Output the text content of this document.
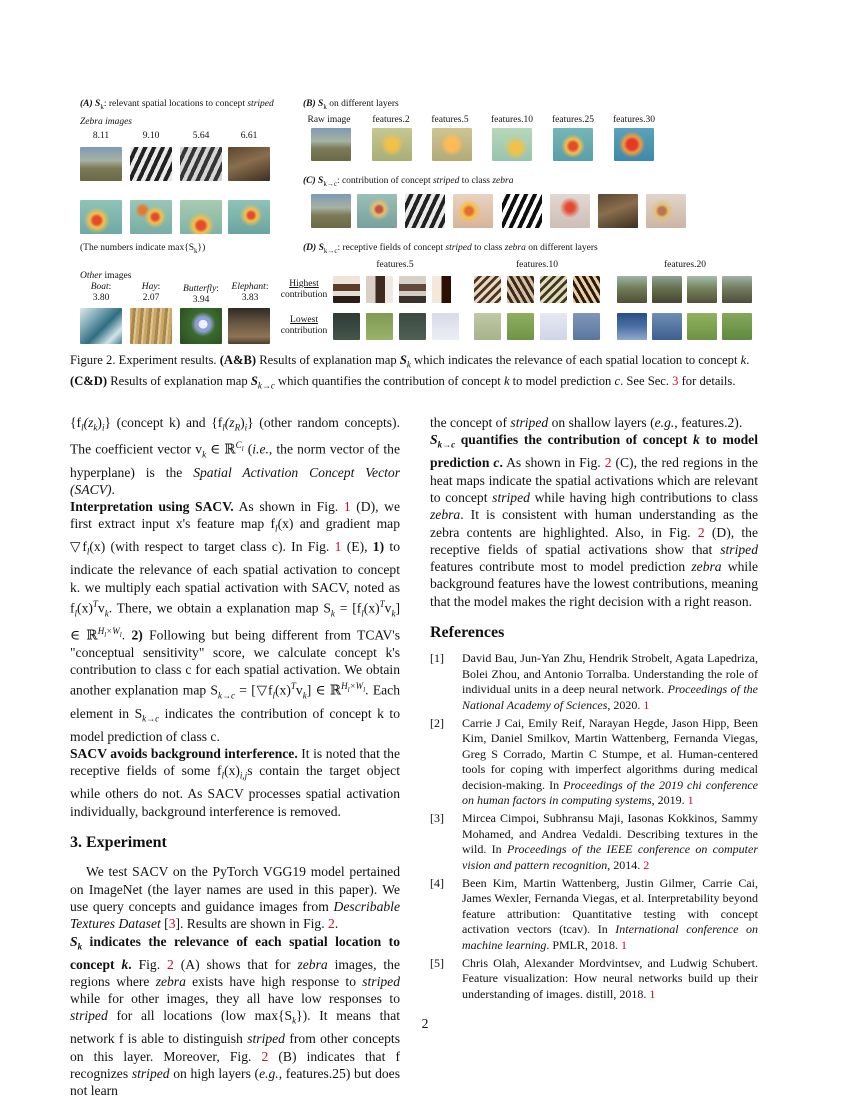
(A) $S_k$: relevant spatial locations to concept striped
Zebra images
8.11	9.10	5.64	6.61
(The numbers indicate $\max\{S_k\}$)
Other images
Boat:
3.80
Hay:
2.07
Butterfly:
3.94
Elephant:
3.83
(B) $S_k$ on different layers
Raw image	features.2	features.5	features.10	features.25	features.30
(C) $S_{k\to c}$: contribution of concept striped to class zebra
(D) $S_{k\to c}$: receptive fields of concept striped to class zebra on different layers
features.5	features.10	features.20
Highest
contribution
Lowest
contribution
Figure 2. Experiment results. (A&B) Results of explanation map $S_k$ which indicates the relevance of each spatial location to concept k. (C&D) Results of explanation map $S_{k\to c}$ which quantifies the contribution of concept k to model prediction c. See Sec. 3 for details.

$\{f_l(z_k)_i\}$ (concept k) and $\{f_l(z_R)_i\}$ (other random concepts). The coefficient vector $v_k$ ∈ ℝ$^{C_l}$ (i.e., the norm vector of the hyperplane) is the Spatial Activation Concept Vector (SACV).

Interpretation using SACV. As shown in Fig. 1 (D), we first extract input x's feature map $f_l(x)$ and gradient map $▽f_l(x)$ (with respect to target class c). In Fig. 1 (E), 1) to indicate the relevance of each spatial activation to concept k. we multiply each spatial activation with SACV, noted as $f_l(x)^Tv_k$. There, we obtain a explanation map $S_k = [f_l(x)^Tv_k]$ ∈ ℝ$^{H_l\times W_l}$. 2) Following but being different from TCAV's "conceptual sensitivity" score, we calculate concept k's contribution to class c for each spatial activation. We obtain another explanation map $S_{k\to c}$ = $[▽f_l(x)^Tv_k]$ ∈ ℝ$^{H_l\times W_l}$. Each element in $S_{k\to c}$ indicates the contribution of concept k to model prediction of class c.

SACV avoids background interference. It is noted that the receptive fields of some $f_l(x)_{i,j}s$ contain the target object while others do not. As SACV processes spatial activation individually, background interference is removed.

3. Experiment

We test SACV on the PyTorch VGG19 model pertained on ImageNet (the layer names are used in this paper). We use query concepts and guidance images from Describable Textures Dataset [3]. Results are shown in Fig. 2.

$S_k$ indicates the relevance of each spatial location to concept k. Fig. 2 (A) shows that for zebra images, the regions where zebra exists have high response to striped while for other images, they all have low responses to striped for all locations (low $\max\{S_k\}$). It means that network f is able to distinguish striped from other concepts on this layer. Moreover, Fig. 2 (B) indicates that f recognizes striped on high layers (e.g., features.25) but does not learn

the concept of striped on shallow layers (e.g., features.2).

$S_{k\to c}$ quantifies the contribution of concept k to model prediction c. As shown in Fig. 2 (C), the red regions in the heat maps indicate the spatial activations which are relevant to concept striped while having high contributions to class zebra. It is consistent with human understanding as the zebra contents are highlighted. Also, in Fig. 2 (D), the receptive fields of spatial activations show that striped features contribute most to model prediction zebra while background features have the lowest contributions, meaning that the model makes the right decision with a right reason.

References

[1] David Bau, Jun-Yan Zhu, Hendrik Strobelt, Agata Lapedriza, Bolei Zhou, and Antonio Torralba. Understanding the role of individual units in a deep neural network. Proceedings of the National Academy of Sciences, 2020. 1
[2] Carrie J Cai, Emily Reif, Narayan Hegde, Jason Hipp, Been Kim, Daniel Smilkov, Martin Wattenberg, Fernanda Viegas, Greg S Corrado, Martin C Stumpe, et al. Human-centered tools for coping with imperfect algorithms during medical decision-making. In Proceedings of the 2019 chi conference on human factors in computing systems, 2019. 1
[3] Mircea Cimpoi, Subhransu Maji, Iasonas Kokkinos, Sammy Mohamed, and Andrea Vedaldi. Describing textures in the wild. In Proceedings of the IEEE conference on computer vision and pattern recognition, 2014. 2
[4] Been Kim, Martin Wattenberg, Justin Gilmer, Carrie Cai, James Wexler, Fernanda Viegas, et al. Interpretability beyond feature attribution: Quantitative testing with concept activation vectors (tcav). In International conference on machine learning. PMLR, 2018. 1
[5] Chris Olah, Alexander Mordvintsev, and Ludwig Schubert. Feature visualization: How neural networks build up their understanding of images. distill, 2018. 1
2
